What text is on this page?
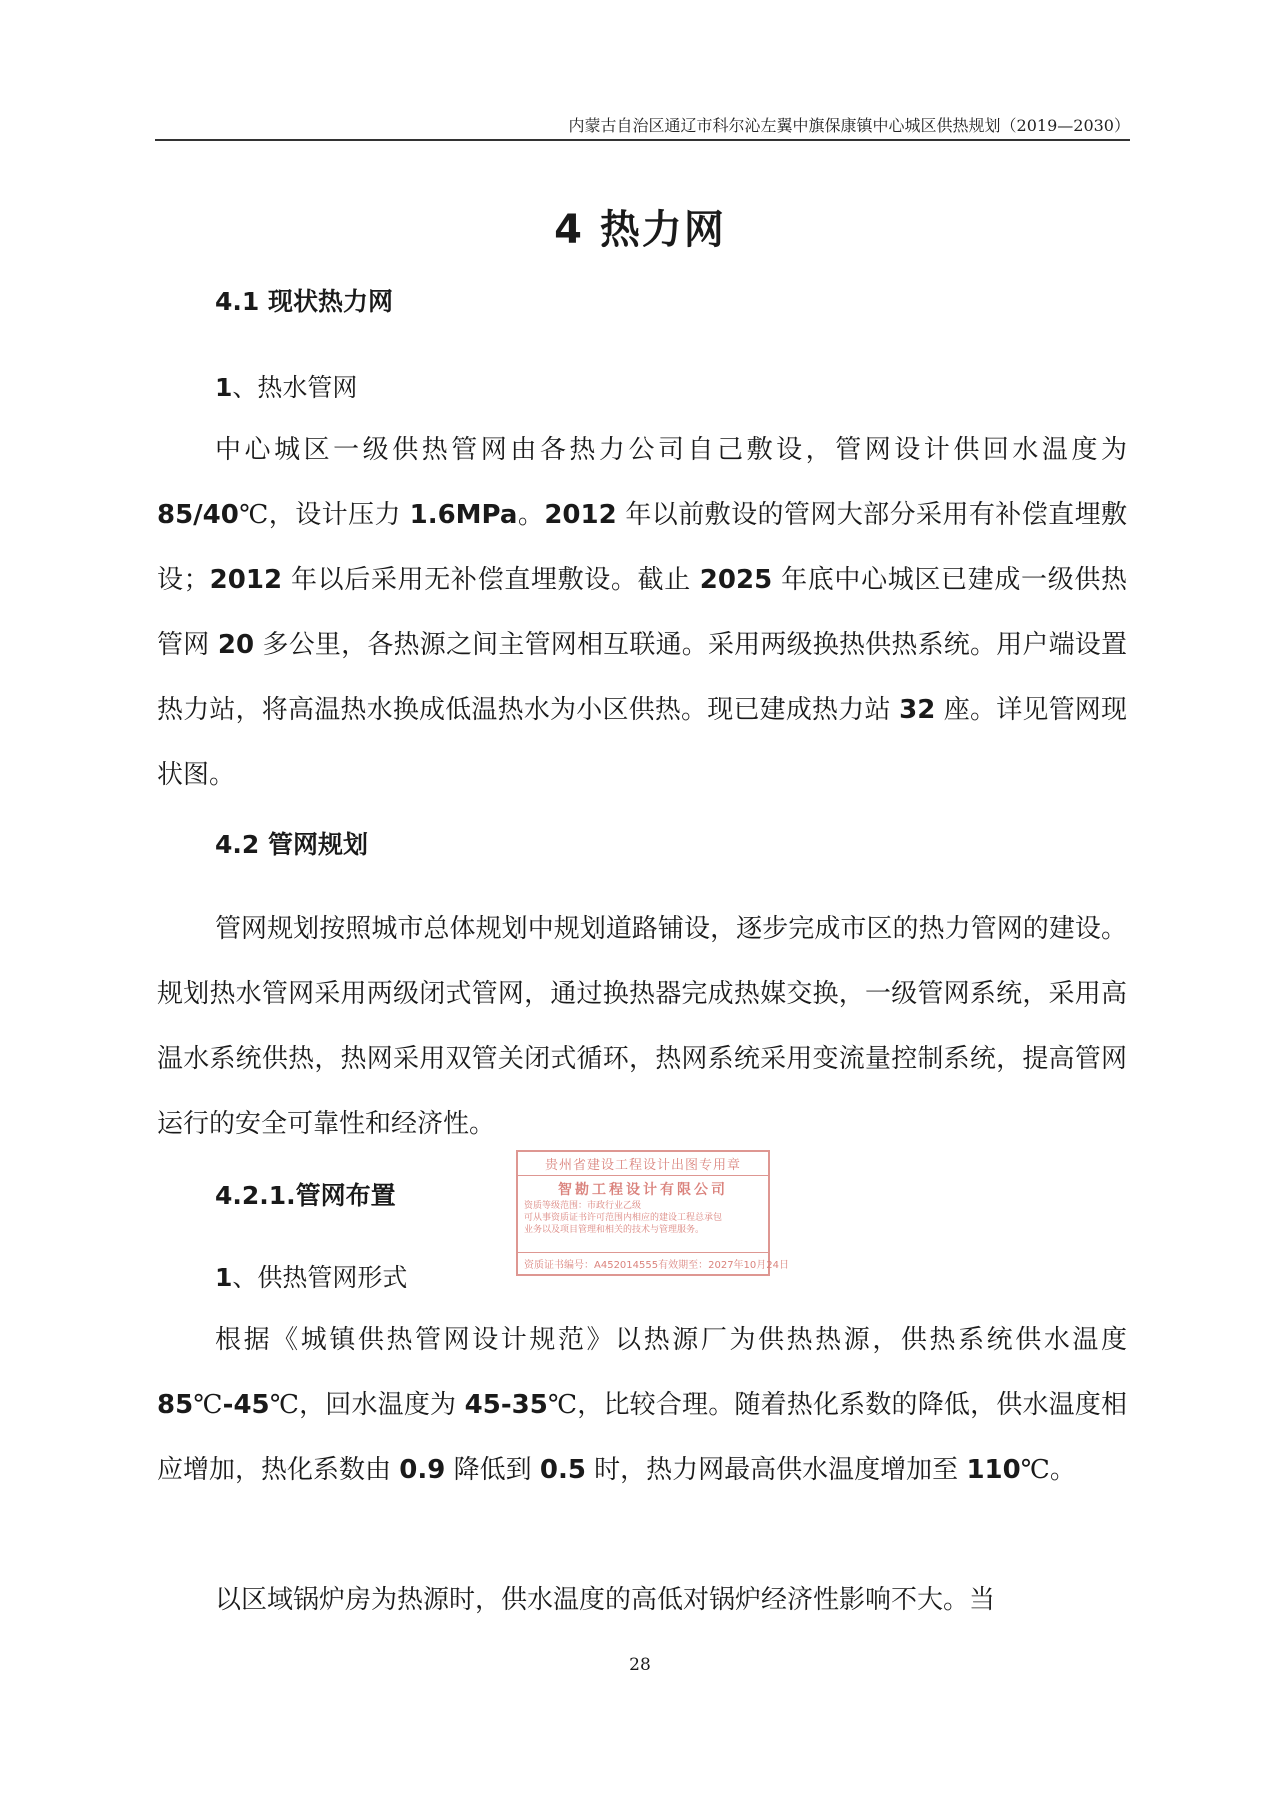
内蒙古自治区通辽市科尔沁左翼中旗保康镇中心城区供热规划（2019—2030）
4 热力网
4.1 现状热力网
1、热水管网
中心城区一级供热管网由各热力公司自己敷设，管网设计供回水温度为 85/40℃，设计压力 1.6MPa。2012 年以前敷设的管网大部分采用有补偿直埋敷设；2012 年以后采用无补偿直埋敷设。截止 2025 年底中心城区已建成一级供热管网 20 多公里，各热源之间主管网相互联通。采用两级换热供热系统。用户端设置热力站，将高温热水换成低温热水为小区供热。现已建成热力站 32 座。详见管网现状图。
4.2 管网规划
管网规划按照城市总体规划中规划道路铺设，逐步完成市区的热力管网的建设。规划热水管网采用两级闭式管网，通过换热器完成热媒交换，一级管网系统，采用高温水系统供热，热网采用双管关闭式循环，热网系统采用变流量控制系统，提高管网运行的安全可靠性和经济性。
4.2.1.管网布置
贵州省建设工程设计出图专用章
智勘工程设计有限公司
资质等级范围：市政行业乙级
可从事资质证书许可范围内相应的建设工程总承包
业务以及项目管理和相关的技术与管理服务。
资质证书编号：A452014555有效期至：2027年10月24日
1、供热管网形式
根据《城镇供热管网设计规范》以热源厂为供热热源，供热系统供水温度 85℃-45℃，回水温度为 45-35℃，比较合理。随着热化系数的降低，供水温度相应增加，热化系数由 0.9 降低到 0.5 时，热力网最高供水温度增加至 110℃。
以区域锅炉房为热源时，供水温度的高低对锅炉经济性影响不大。当
28
